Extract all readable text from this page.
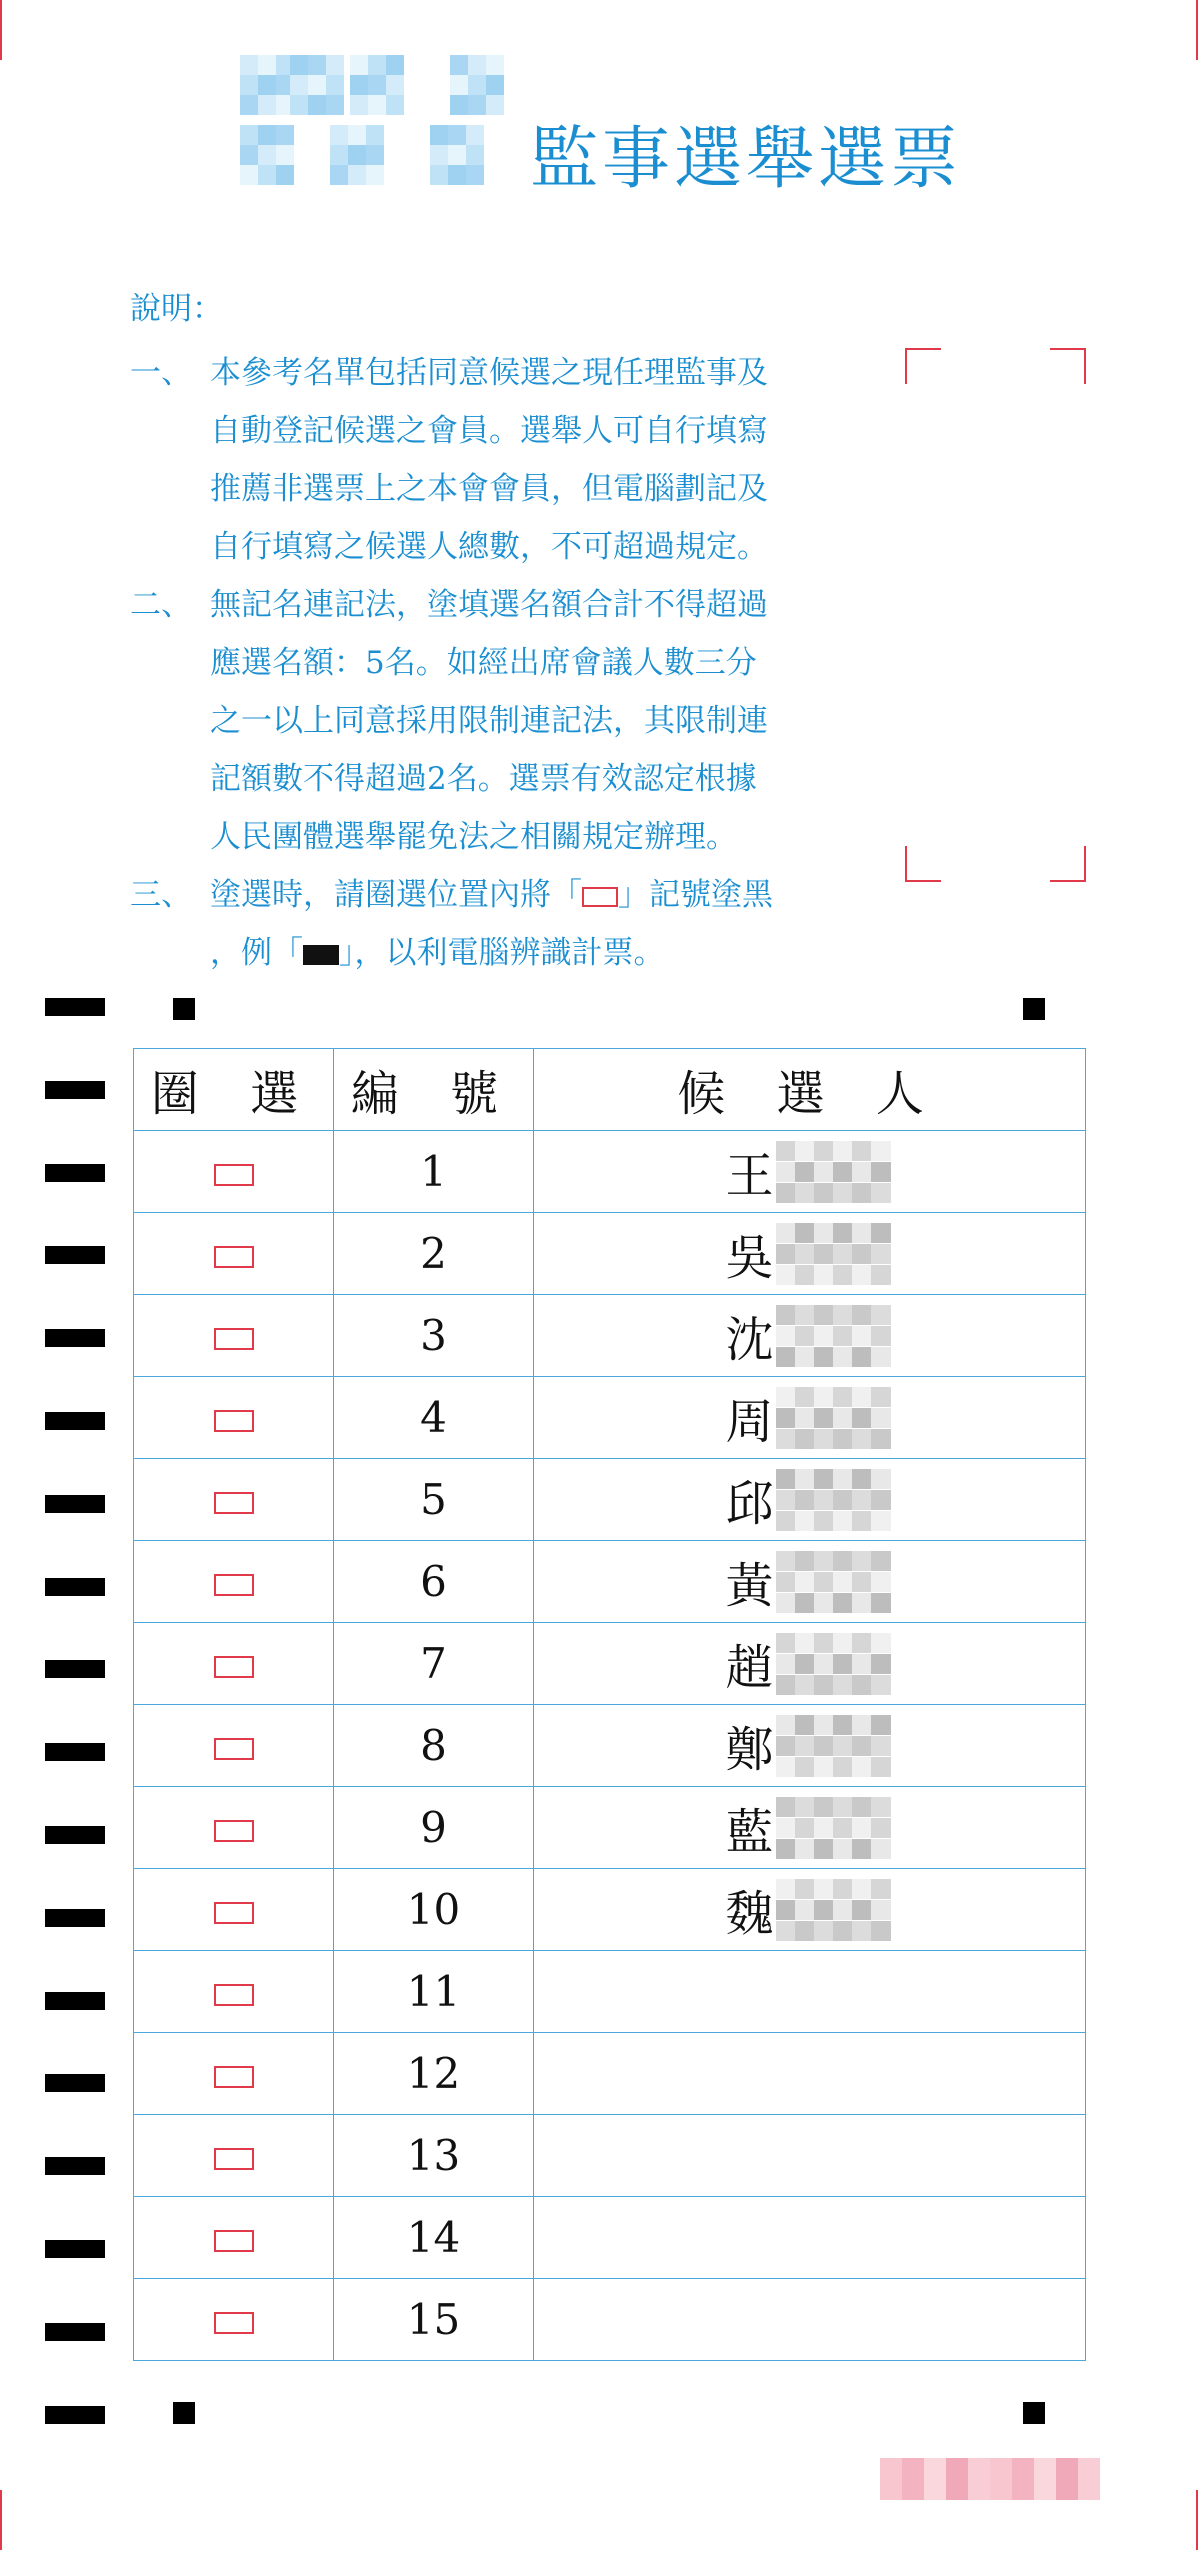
監事選舉選票
說明：
一、 本參考名單包括同意候選之現任理監事及
自動登記候選之會員。選舉人可自行填寫
推薦非選票上之本會會員，但電腦劃記及
自行填寫之候選人總數，不可超過規定。
二、 無記名連記法，塗填選名額合計不得超過
應選名額：5名。如經出席會議人數三分
之一以上同意採用限制連記法，其限制連
記額數不得超過2名。選票有效認定根據
人民團體選舉罷免法之相關規定辦理。
三、 塗選時，請圈選位置內將「 」記號塗黑
，例「 」，以利電腦辨識計票。
圈 選	編 號	候 選 人
	1	王

	2	吳

	3	沈

	4	周

	5	邱

	6	黃

	7	趙

	8	鄭

	9	藍

	10	魏

	11	
	12	
	13	
	14	
	15	
